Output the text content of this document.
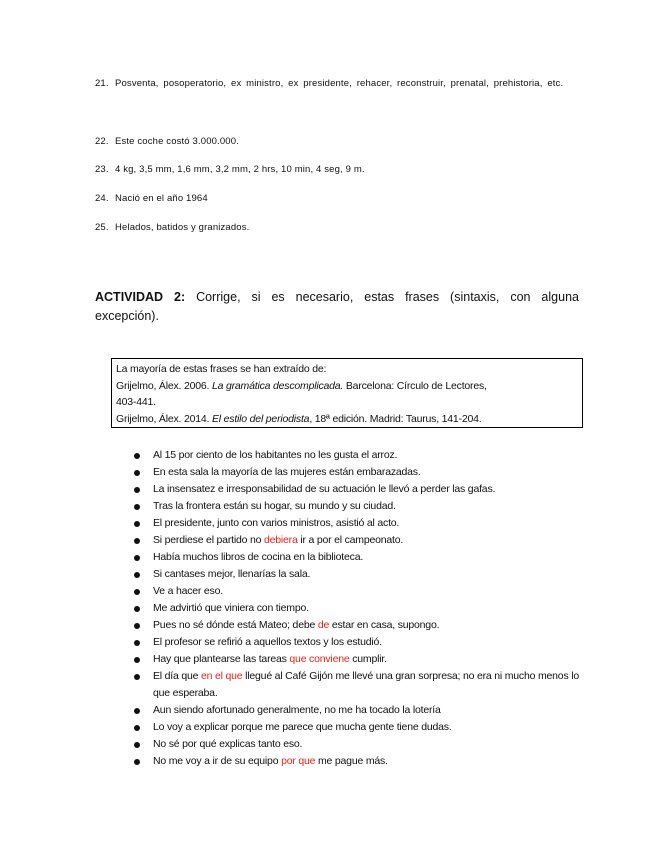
21. Posventa, posoperatorio, ex ministro, ex presidente, rehacer, reconstruir, prenatal, prehistoria, etc.
22. Este coche costó 3.000.000.
23. 4 kg, 3,5 mm, 1,6 mm, 3,2 mm, 2 hrs, 10 min, 4 seg, 9 m.
24. Nació en el año 1964
25. Helados, batidos y granizados.
ACTIVIDAD 2: Corrige, si es necesario, estas frases (sintaxis, con alguna excepción).
La mayoría de estas frases se han extraído de:
Grijelmo, Álex. 2006. La gramática descomplicada. Barcelona: Círculo de Lectores,
403-441.
Grijelmo, Álex. 2014. El estilo del periodista, 18ª edición. Madrid: Taurus, 141-204.
Al 15 por ciento de los habitantes no les gusta el arroz.
En esta sala la mayoría de las mujeres están embarazadas.
La insensatez e irresponsabilidad de su actuación le llevó a perder las gafas.
Tras la frontera están su hogar, su mundo y su ciudad.
El presidente, junto con varios ministros, asistió al acto.
Si perdiese el partido no debiera ir a por el campeonato.
Había muchos libros de cocina en la biblioteca.
Si cantases mejor, llenarías la sala.
Ve a hacer eso.
Me advirtió que viniera con tiempo.
Pues no sé dónde está Mateo; debe de estar en casa, supongo.
El profesor se refirió a aquellos textos y los estudió.
Hay que plantearse las tareas que conviene cumplir.
El día que en el que llegué al Café Gijón me llevé una gran sorpresa; no era ni mucho menos lo que esperaba.
Aun siendo afortunado generalmente, no me ha tocado la lotería
Lo voy a explicar porque me parece que mucha gente tiene dudas.
No sé por qué explicas tanto eso.
No me voy a ir de su equipo por que me pague más.
